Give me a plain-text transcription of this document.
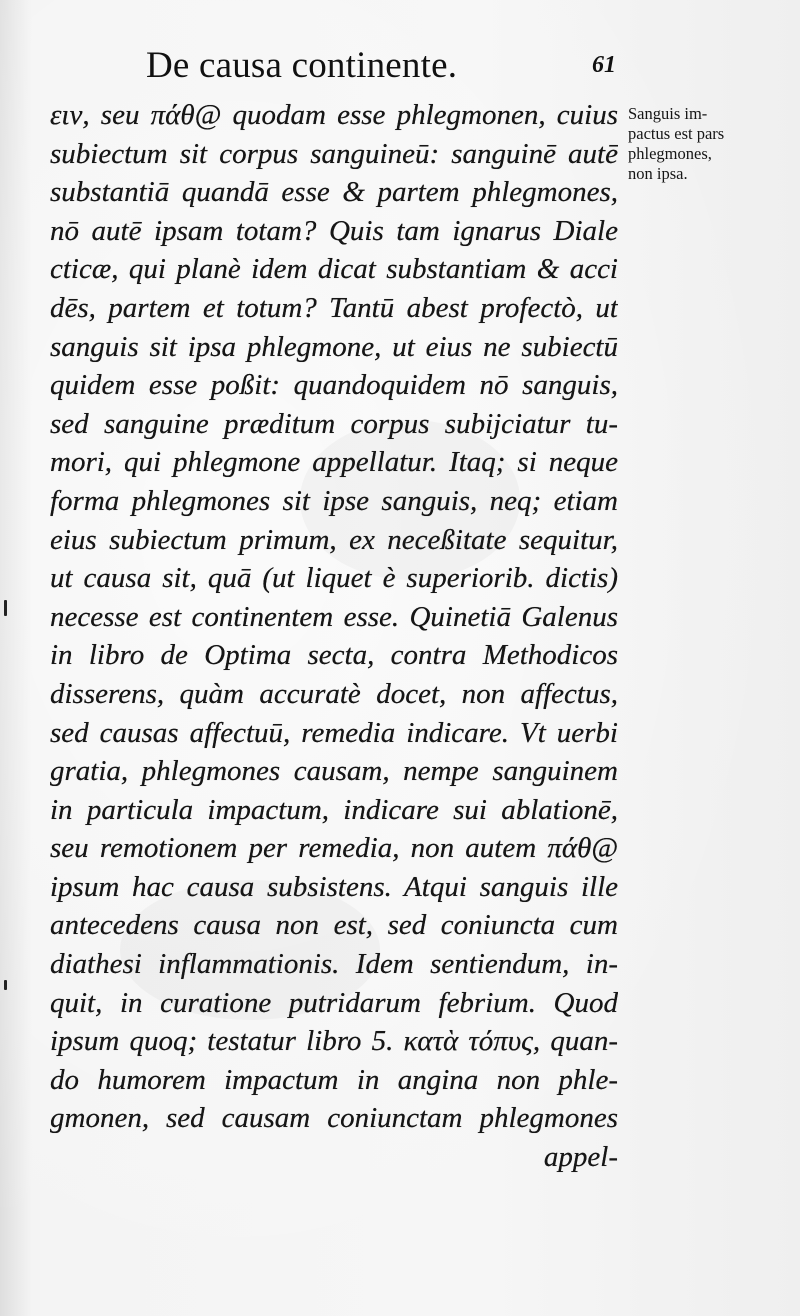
De causa continente.	61
ειν, seu πάθ@ quodam esse phlegmonen, cuius
subiectum sit corpus sanguineū: sanguinē autē
substantiā quandā esse & partem phlegmones,
nō autē ipsam totam? Quis tam ignarus Diale
cticæ, qui planè idem dicat substantiam & acci
dēs, partem et totum? Tantū abest profectò, ut
sanguis sit ipsa phlegmone, ut eius ne subiectū
quidem esse poßit: quandoquidem nō sanguis,
sed sanguine præditum corpus subijciatur tu-
mori, qui phlegmone appellatur. Itaq; si neque
forma phlegmones sit ipse sanguis, neq; etiam
eius subiectum primum, ex neceßitate sequitur,
ut causa sit, quā (ut liquet è superiorib. dictis)
necesse est continentem esse. Quinetiā Galenus
in libro de Optima secta, contra Methodicos
disserens, quàm accuratè docet, non affectus,
sed causas affectuū, remedia indicare. Vt uerbi
gratia, phlegmones causam, nempe sanguinem
in particula impactum, indicare sui ablationē,
seu remotionem per remedia, non autem πάθ@
ipsum hac causa subsistens. Atqui sanguis ille
antecedens causa non est, sed coniuncta cum
diathesi inflammationis. Idem sentiendum, in-
quit, in curatione putridarum febrium. Quod
ipsum quoq; testatur libro 5. κατὰ τόπυς, quan-
do humorem impactum in angina non phle-
gmonen, sed causam coniunctam phlegmones
appel-
Sanguis im-
pactus est pars
phlegmones,
non ipsa.
